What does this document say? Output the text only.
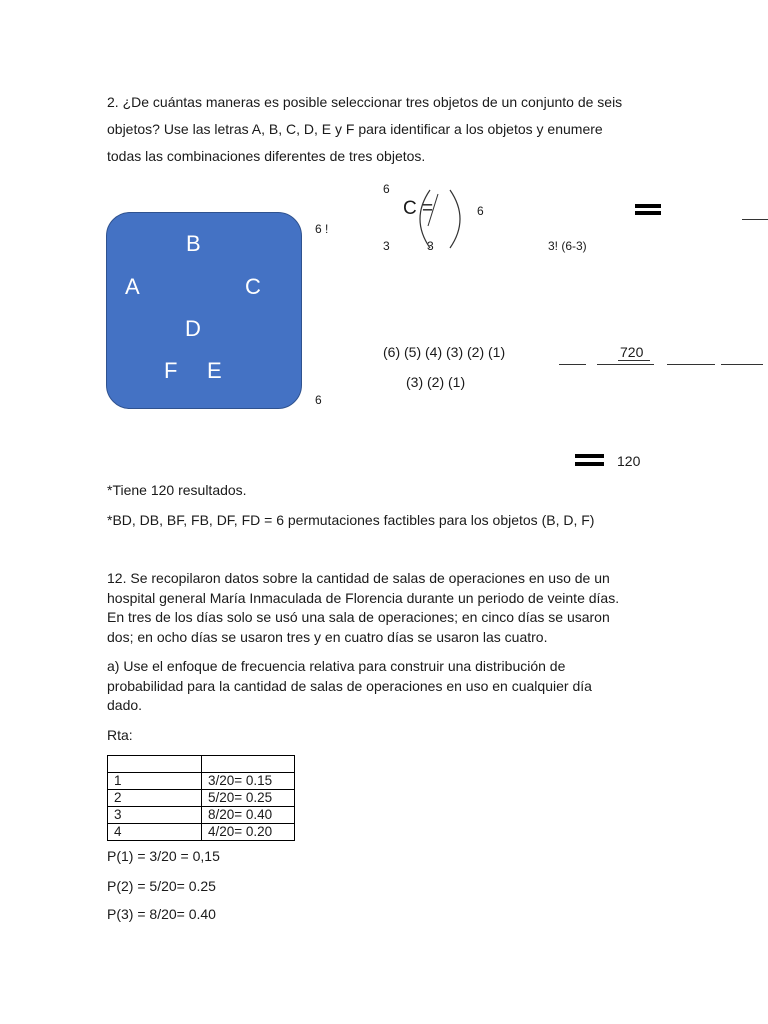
2. ¿De cuántas maneras es posible seleccionar tres objetos de un conjunto de seis
objetos? Use las letras A, B, C, D, E y F para identificar a los objetos y enumere
todas las combinaciones diferentes de tres objetos.
B
A	C
D
F E
6
C =
3	3
6
6 !
3! (6-3)
6
(6) (5) (4) (3) (2) (1)
(3) (2) (1)
720
120
*Tiene 120 resultados.
*BD, DB, BF, FB, DF, FD = 6 permutaciones factibles para los objetos (B, D, F)
12. Se recopilaron datos sobre la cantidad de salas de operaciones en uso de un
hospital general María Inmaculada de Florencia durante un periodo de veinte días.
En tres de los días solo se usó una sala de operaciones; en cinco días se usaron
dos; en ocho días se usaron tres y en cuatro días se usaron las cuatro.
a) Use el enfoque de frecuencia relativa para construir una distribución de
probabilidad para la cantidad de salas de operaciones en uso en cualquier día
dado.
Rta:

1	3/20= 0.15
2	5/20= 0.25
3	8/20= 0.40
4	4/20= 0.20
P(1) = 3/20 = 0,15
P(2) = 5/20= 0.25
P(3) = 8/20= 0.40
